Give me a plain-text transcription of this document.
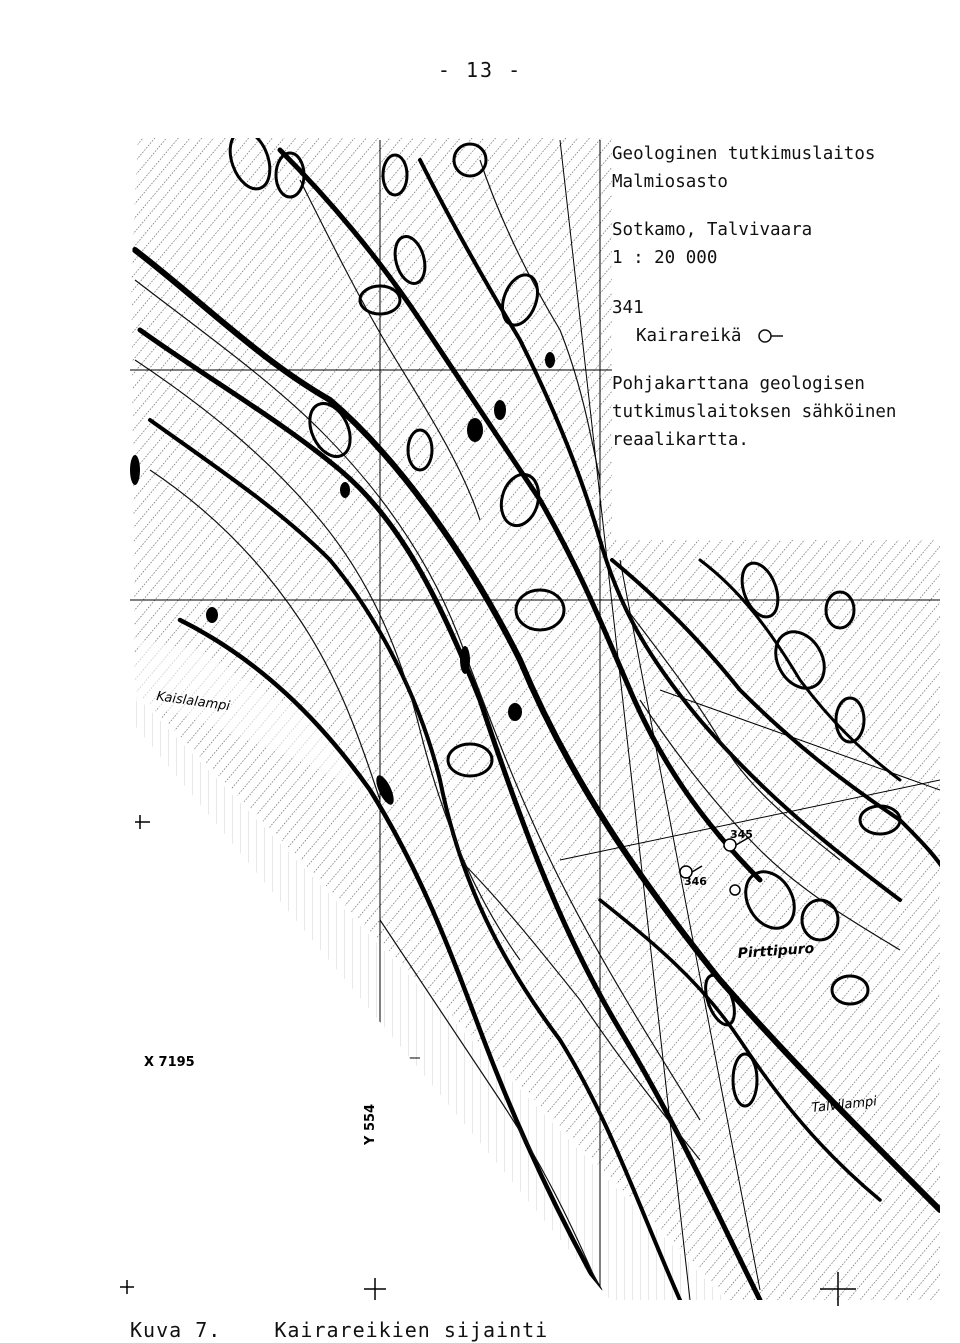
- 13 -
Kaislalampi
Pirttipuro
Talvilampi
X 7195
Y 554
346
345
Geologinen tutkimuslaitos
Malmiosasto
Sotkamo, Talvivaara
1 : 20 000
341
Kairareikä
Pohjakarttana geologisen
tutkimuslaitoksen sähköinen
reaalikartta.
Kuva 7.	Kairareikien sijainti
